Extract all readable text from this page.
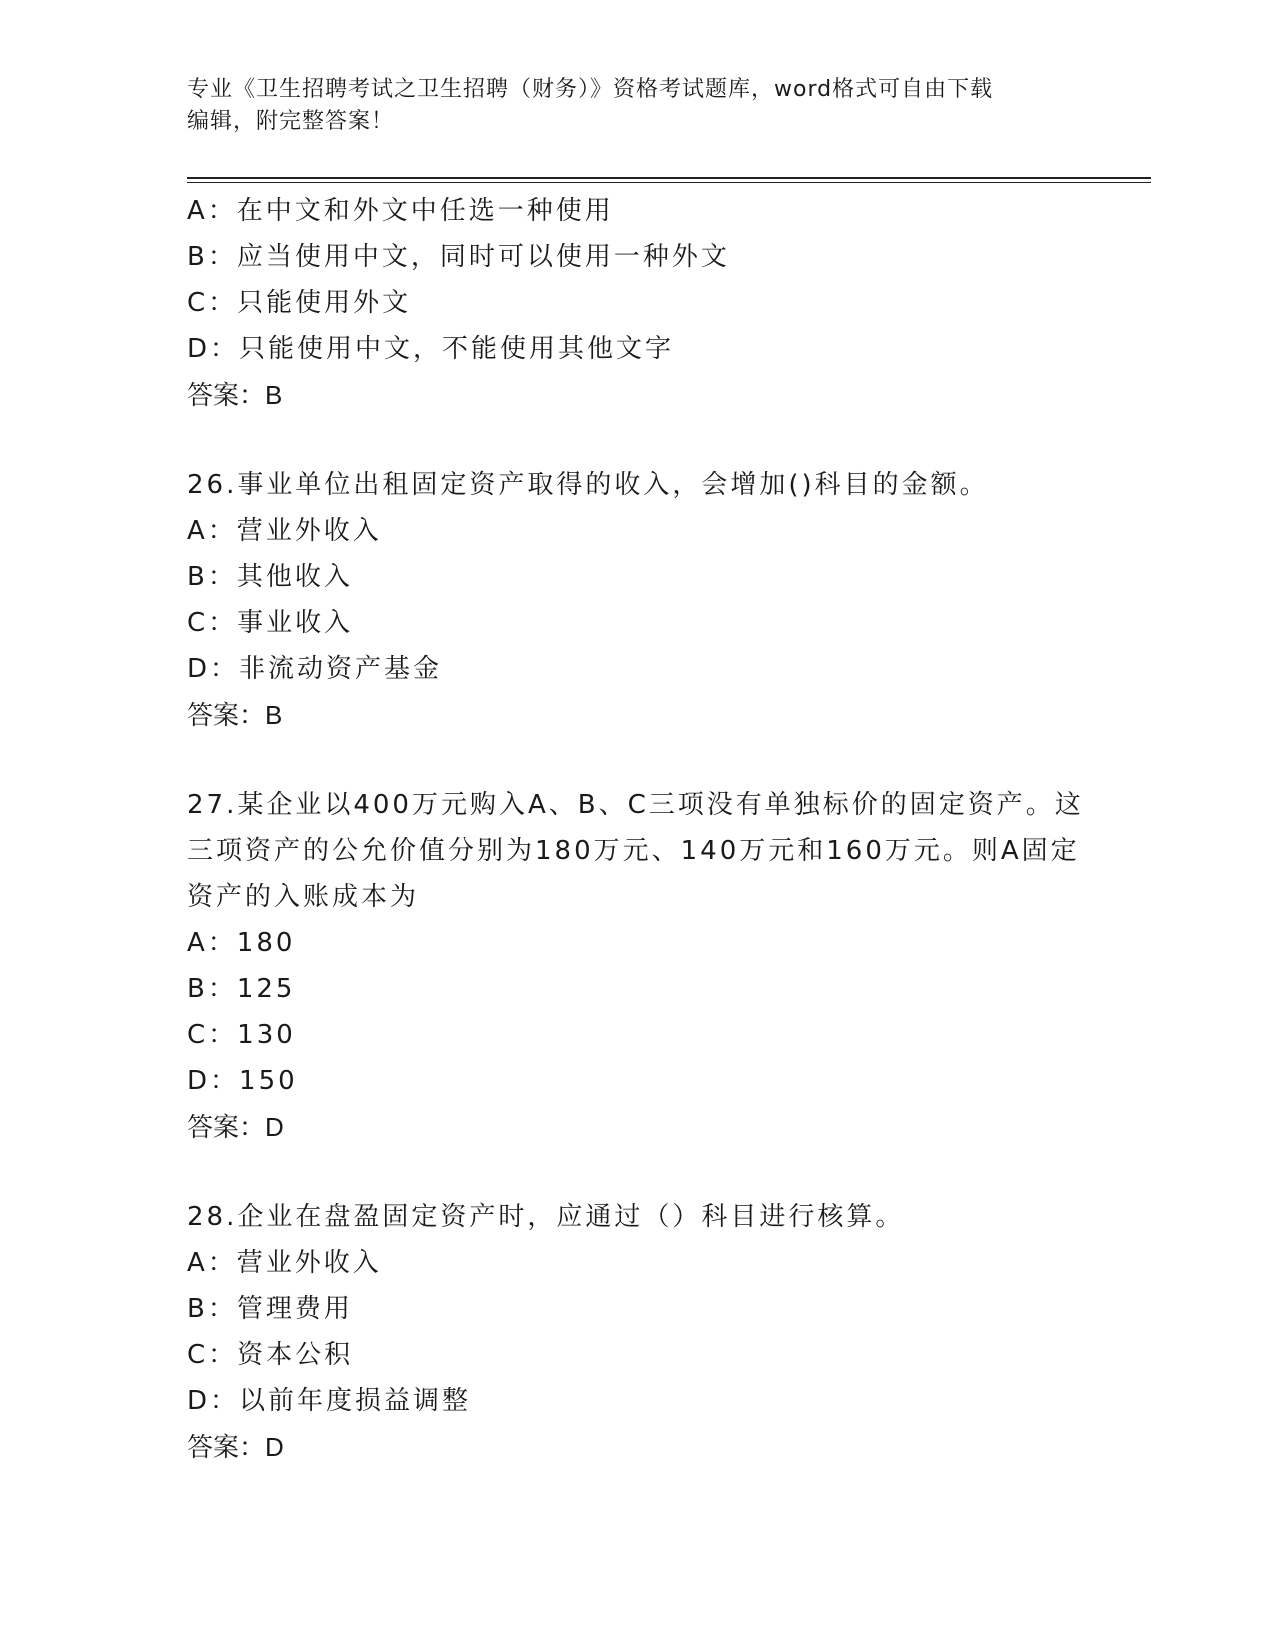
专业《卫生招聘考试之卫生招聘（财务）》资格考试题库，word格式可自由下载
编辑，附完整答案！
A：在中文和外文中任选一种使用
B：应当使用中文，同时可以使用一种外文
C：只能使用外文
D：只能使用中文，不能使用其他文字
答案：B
26.事业单位出租固定资产取得的收入，会增加()科目的金额。
A：营业外收入
B：其他收入
C：事业收入
D：非流动资产基金
答案：B
27.某企业以400万元购入A、B、C三项没有单独标价的固定资产。这
三项资产的公允价值分别为180万元、140万元和160万元。则A固定
资产的入账成本为
A：180
B：125
C：130
D：150
答案：D
28.企业在盘盈固定资产时，应通过（）科目进行核算。
A：营业外收入
B：管理费用
C：资本公积
D：以前年度损益调整
答案：D
